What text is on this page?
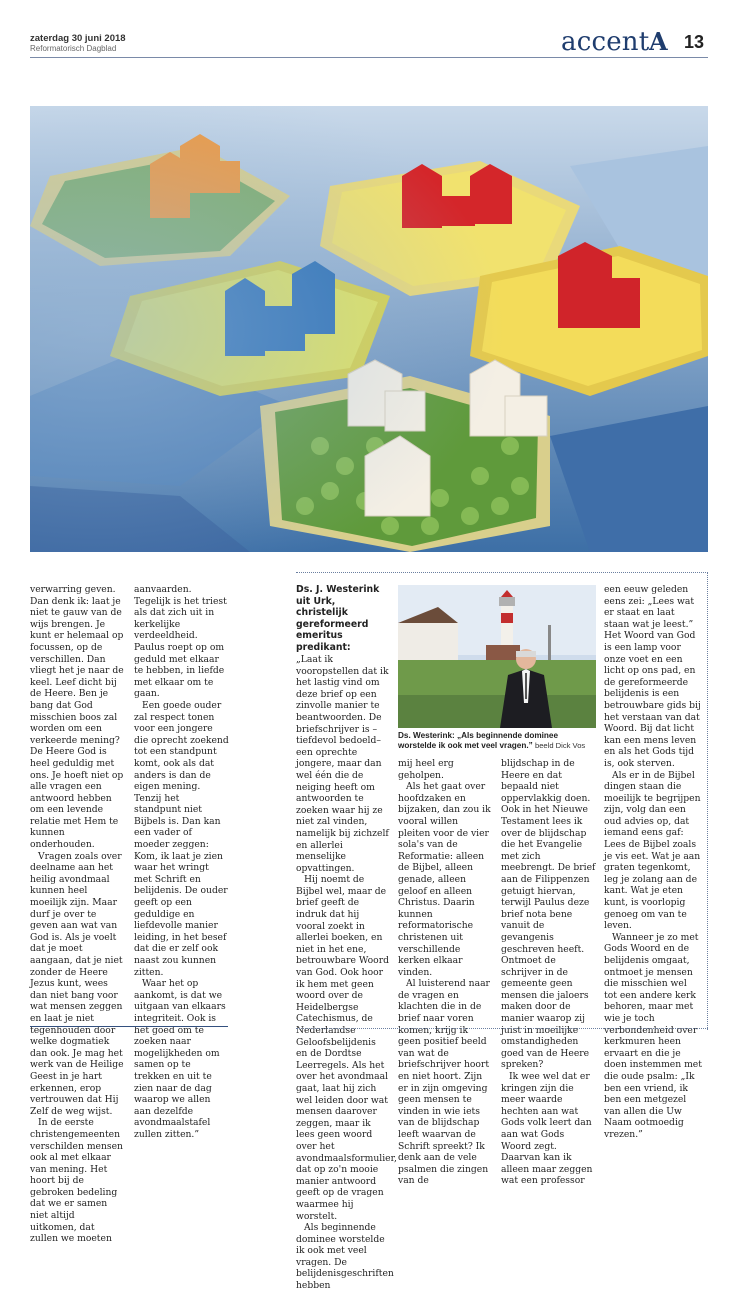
zaterdag 30 juni 2018
Reformatorisch Dagblad	accent A 13

verwarring geven. Dan denk ik: laat je niet te gauw van de wijs brengen. Je kunt er helemaal op focussen, op de verschillen. Dan vliegt het je naar de keel. Leef dicht bij de Heere. Ben je bang dat God misschien boos zal worden om een verkeerde mening? De Heere God is heel geduldig met ons. Je hoeft niet op alle vragen een antwoord hebben om een levende relatie met Hem te kunnen onderhouden.

Vragen zoals over deelname aan het heilig avondmaal kunnen heel moeilijk zijn. Maar durf je over te geven aan wat van God is. Als je voelt dat je moet aangaan, dat je niet zonder de Heere Jezus kunt, wees dan niet bang voor wat mensen zeggen en laat je niet tegenhouden door welke dogmatiek dan ook. Je mag het werk van de Heilige Geest in je hart erkennen, erop vertrouwen dat Hij Zelf de weg wijst.

In de eerste christengemeenten verschilden mensen ook al met elkaar van mening. Het hoort bij de gebroken bedeling dat we er samen niet altijd uitkomen, dat zullen we moeten

aanvaarden. Tegelijk is het triest als dat zich uit in kerkelijke verdeeldheid. Paulus roept op om geduld met elkaar te hebben, in liefde met elkaar om te gaan.

Een goede ouder zal respect tonen voor een jongere die oprecht zoekend tot een standpunt komt, ook als dat anders is dan de eigen mening. Tenzij het standpunt niet Bijbels is. Dan kan een vader of moeder zeggen: Kom, ik laat je zien waar het wringt met Schrift en belijdenis. De ouder geeft op een geduldige en liefdevolle manier leiding, in het besef dat die er zelf ook naast zou kunnen zitten.

Waar het op aankomt, is dat we uitgaan van elkaars integriteit. Ook is het goed om te zoeken naar mogelijkheden om samen op te trekken en uit te zien naar de dag waarop we allen aan dezelfde avondmaalstafel zullen zitten.”

Ds. J. Westerink uit Urk, christelijk gereformeerd emeritus predikant:

„Laat ik vooropstellen dat ik het lastig vind om deze brief op een zinvolle manier te beantwoorden. De briefschrijver is –tiefdevol bedoeld– een oprechte jongere, maar dan wel één die de neiging heeft om antwoorden te zoeken waar hij ze niet zal vinden, namelijk bij zichzelf en allerlei menselijke opvattingen.

Hij noemt de Bijbel wel, maar de brief geeft de indruk dat hij vooral zoekt in allerlei boeken, en niet in het ene, betrouwbare Woord van God. Ook hoor ik hem met geen woord over de Heidelbergse Catechismus, de Nederlandse Geloofsbelijdenis en de Dordtse Leerregels. Als het over het avondmaal gaat, laat hij zich wel leiden door wat mensen daarover zeggen, maar ik lees geen woord over het avondmaalsformulier, dat op zo'n mooie manier antwoord geeft op de vragen waarmee hij worstelt.

Als beginnende dominee worstelde ik ook met veel vragen. De belijdenisgeschriften hebben

Ds. Westerink: „Als beginnende dominee worstelde ik ook met veel vragen.” beeld Dick Vos

mij heel erg geholpen.

Als het gaat over hoofdzaken en bijzaken, dan zou ik vooral willen pleiten voor de vier sola's van de Reformatie: alleen de Bijbel, alleen genade, alleen geloof en alleen Christus. Daarin kunnen reformatorische christenen uit verschillende kerken elkaar vinden.

Al luisterend naar de vragen en klachten die in de brief naar voren komen, krijg ik geen positief beeld van wat de briefschrijver hoort en niet hoort. Zijn er in zijn omgeving geen mensen te vinden in wie iets van de blijdschap leeft waarvan de Schrift spreekt? Ik denk aan de vele psalmen die zingen van de

blijdschap in de Heere en dat bepaald niet oppervlakkig doen. Ook in het Nieuwe Testament lees ik over de blijdschap die het Evangelie met zich meebrengt. De brief aan de Filippenzen getuigt hiervan, terwijl Paulus deze brief nota bene vanuit de gevangenis geschreven heeft. Ontmoet de schrijver in de gemeente geen mensen die jaloers maken door de manier waarop zij juist in moeilijke omstandigheden goed van de Heere spreken?

Ik wee wel dat er kringen zijn die meer waarde hechten aan wat Gods volk leert dan aan wat Gods Woord zegt. Daarvan kan ik alleen maar zeggen wat een professor

een eeuw geleden eens zei: „Lees wat er staat en laat staan wat je leest.” Het Woord van God is een lamp voor onze voet en een licht op ons pad, en de gereformeerde belijdenis is een betrouwbare gids bij het verstaan van dat Woord. Bij dat licht kan een mens leven en als het Gods tijd is, ook sterven.

Als er in de Bijbel dingen staan die moeilijk te begrijpen zijn, volg dan een oud advies op, dat iemand eens gaf: Lees de Bijbel zoals je vis eet. Wat je aan graten tegenkomt, leg je zolang aan de kant. Wat je eten kunt, is voorlopig genoeg om van te leven.

Wanneer je zo met Gods Woord en de belijdenis omgaat, ontmoet je mensen die misschien wel tot een andere kerk behoren, maar met wie je toch verbondenheid over kerkmuren heen ervaart en die je doen instemmen met die oude psalm: „Ik ben een vriend, ik ben een metgezel van allen die Uw Naam ootmoedig vrezen.”
